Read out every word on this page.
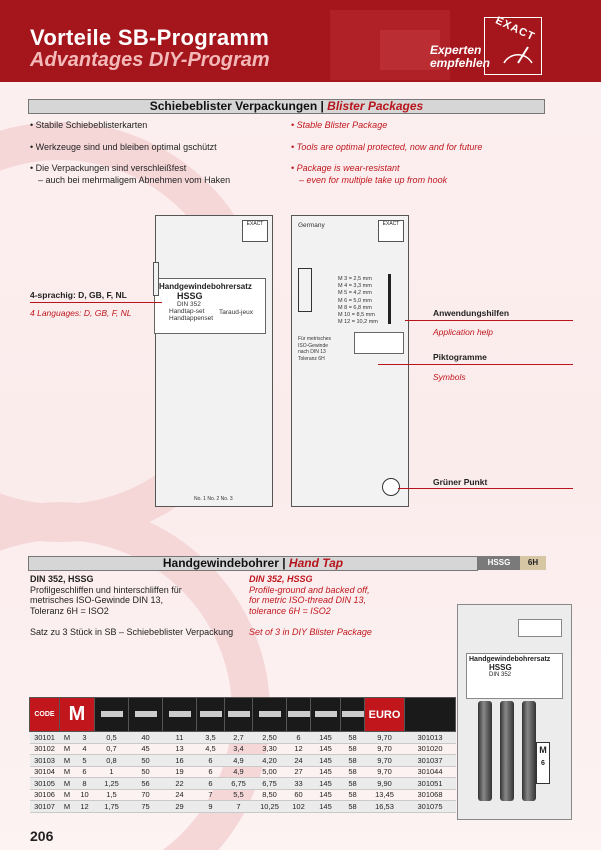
Vorteile SB-Programm
Advantages DIY-Program
EXACT
Experten
empfehlen
Schiebeblister Verpackungen | Blister Packages
• Stabile Schiebeblisterkarten
• Werkzeuge sind und bleiben optimal gschützt
• Die Verpackungen sind verschleißfest
– auch bei mehrmaligem Abnehmen vom Haken
• Stable Blister Package
• Tools are optimal protected, now and for future
• Package is wear-resistant
– even for multiple take up from hook
EXACT
Handgewindebohrersatz
HSSG
DIN 352
Handtap-set
Handtappenset
Taraud-jeux
No. 1 No. 2 No. 3
EXACT
Germany
M 3 = 2,5 mm
M 4 = 3,3 mm
M 5 = 4,2 mm
M 6 = 5,0 mm
M 8 = 6,8 mm
M 10 = 8,5 mm
M 12 = 10,2 mm
Für metrisches
ISO-Gewinde
nach DIN 13
Toleranz 6H
4-sprachig: D, GB, F, NL
4 Languages: D, GB, F, NL	Anwendungshilfen
Application help
Piktogramme
Symbols
Grüner Punkt
Handgewindebohrer | Hand Tap	HSSG	6H
DIN 352, HSSG
Profilgeschliffen und hinterschliffen für
metrisches ISO-Gewinde DIN 13,
Toleranz 6H = ISO2
Satz zu 3 Stück in SB – Schiebeblister Verpackung
DIN 352, HSSG
Profile-ground and backed off,
for metric ISO-thread DIN 13,
tolerance 6H = ISO2
Set of 3 in DIY Blister Package
Handgewindebohrersatz
HSSG
DIN 352
M
6
CODE	M											EURO	
30101	M	3	0,5	40	11	3,5	2,7	2,50	6	145	58	9,70	301013
30102	M	4	0,7	45	13	4,5	3,4	3,30	12	145	58	9,70	301020
30103	M	5	0,8	50	16	6	4,9	4,20	24	145	58	9,70	301037
30104	M	6	1	50	19	6	4,9	5,00	27	145	58	9,70	301044
30105	M	8	1,25	56	22	6	6,75	6,75	33	145	58	9,90	301051
30106	M	10	1,5	70	24	7	5,5	8,50	60	145	58	13,45	301068
30107	M	12	1,75	75	29	9	7	10,25	102	145	58	16,53	301075
206
